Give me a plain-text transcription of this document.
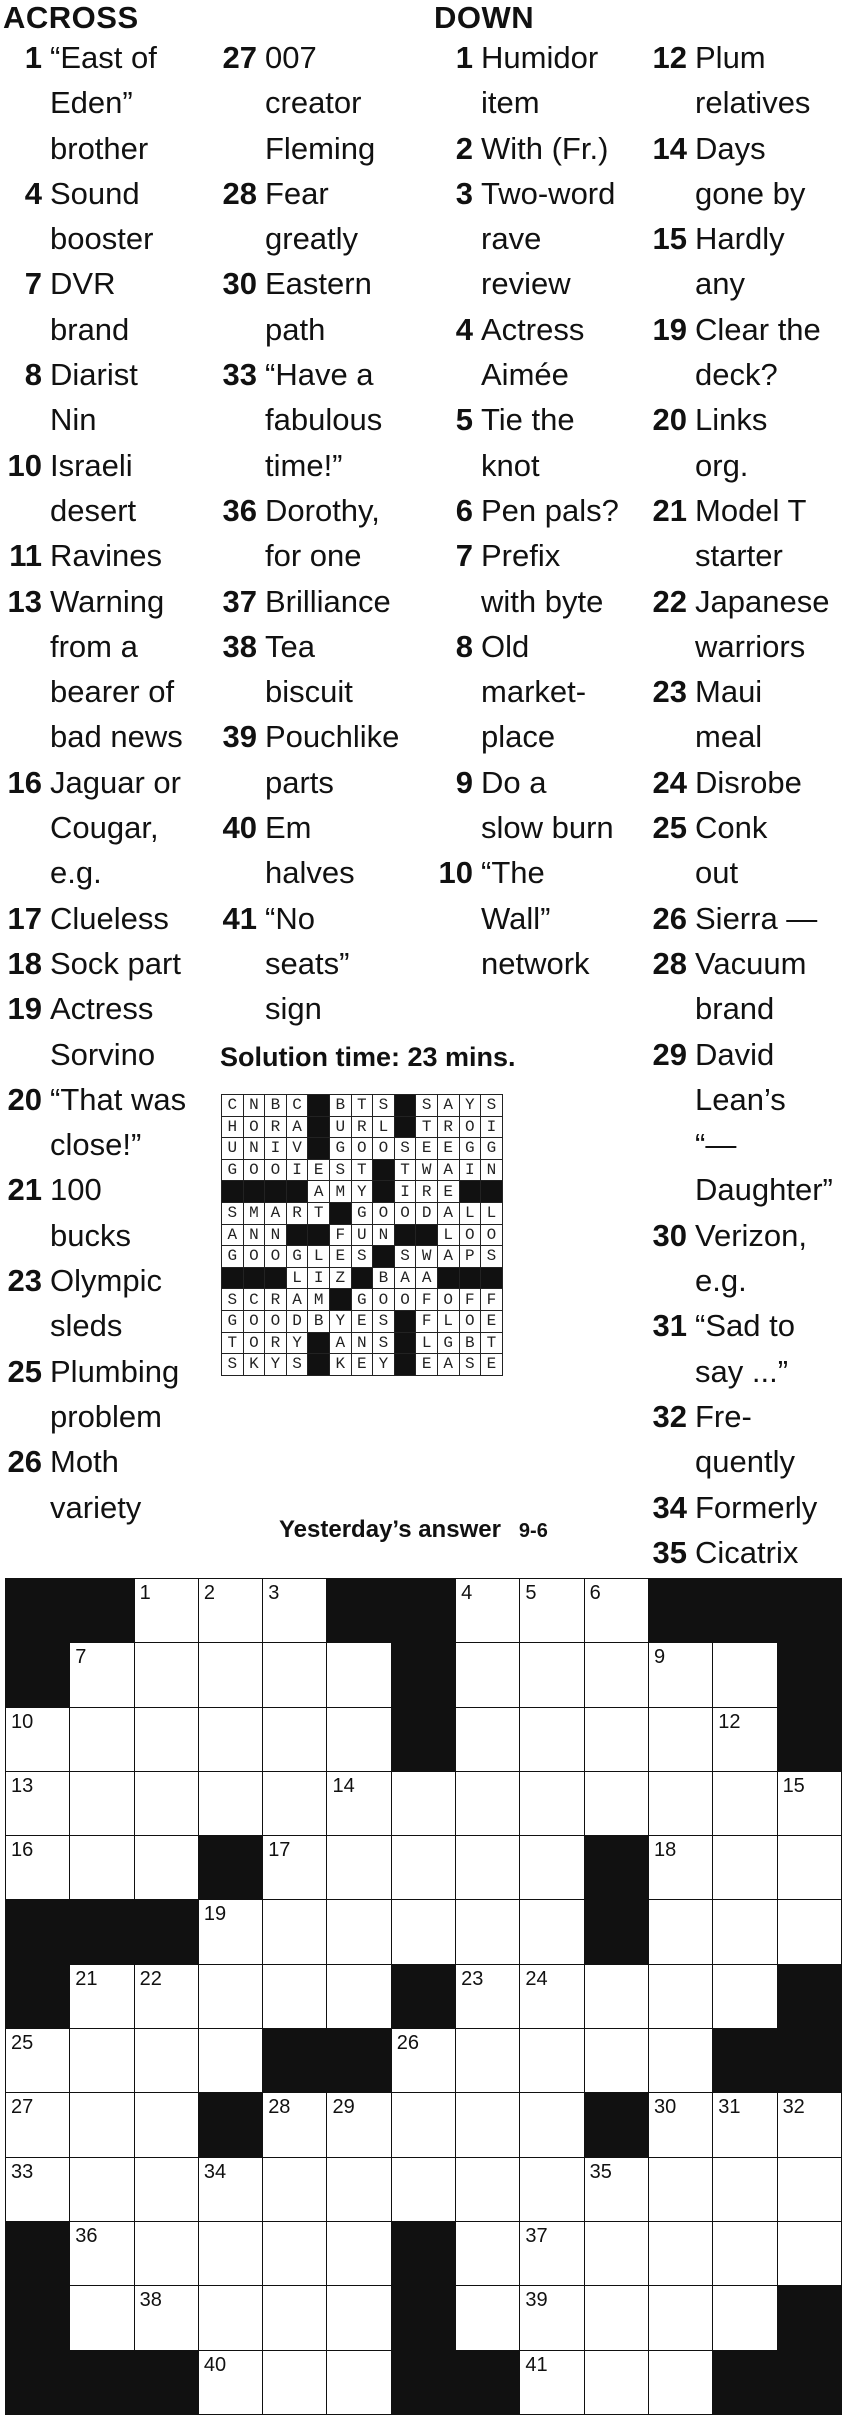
ACROSS
1 “East of
Eden”
brother
4 Sound
booster
7 DVR
brand
8 Diarist
Nin
10 Israeli
desert
11 Ravines
13 Warning
from a
bearer of
bad news
16 Jaguar or
Cougar,
e.g.
17 Clueless
18 Sock part
19 Actress
Sorvino
20 “That was
close!”
21 100
bucks
23 Olympic
sleds
25 Plumbing
problem
26 Moth
variety
27 007
creator
Fleming
28 Fear
greatly
30 Eastern
path
33 “Have a
fabulous
time!”
36 Dorothy,
for one
37 Brilliance
38 Tea
biscuit
39 Pouchlike
parts
40 Em
halves
41 “No
seats”
sign
DOWN
1 Humidor
item
2 With (Fr.)
3 Two-word
rave
review
4 Actress
Aimée
5 Tie the
knot
6 Pen pals?
7 Prefix
with byte
8 Old
market-
place
9 Do a
slow burn
10 “The
Wall”
network
12 Plum
relatives
14 Days
gone by
15 Hardly
any
19 Clear the
deck?
20 Links
org.
21 Model T
starter
22 Japanese
warriors
23 Maui
meal
24 Disrobe
25 Conk
out
26 Sierra —
28 Vacuum
brand
29 David
Lean’s
“—
Daughter”
30 Verizon,
e.g.
31 “Sad to
say ...”
32 Fre-
quently
34 Formerly
35 Cicatrix
Solution time: 23 mins.
C	N	B	C		B	T	S		S	A	Y	S
H	O	R	A		U	R	L		T	R	O	I
U	N	I	V		G	O	O	S	E	E	G	G
G	O	O	I	E	S	T		T	W	A	I	N
				A	M	Y		I	R	E		
S	M	A	R	T		G	O	O	D	A	L	L
A	N	N			F	U	N			L	O	O
G	O	O	G	L	E	S		S	W	A	P	S
			L	I	Z		B	A	A			
S	C	R	A	M		G	O	O	F	O	F	F
G	O	O	D	B	Y	E	S		F	L	O	E
T	O	R	Y		A	N	S		L	G	B	T
S	K	Y	S		K	E	Y		E	A	S	E
Yesterday’s answer 9-6

		1	2	3			4	5	6			

	7									9		

10											12	

13					14							15

16				17						18		

			19									

	21	22					23	24				

25						26						

27				28	29					30	31	32

33			34						35			

	36							37				

		38						39				

			40					41				
